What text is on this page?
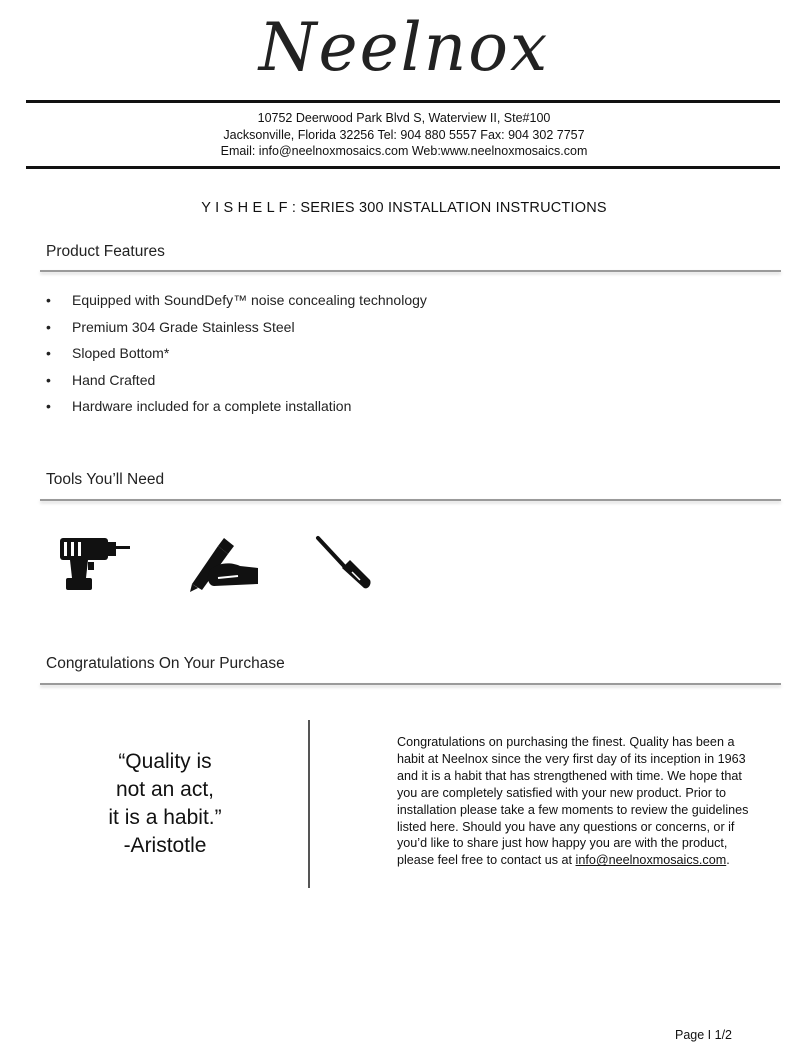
Neelnox
10752 Deerwood Park Blvd S, Waterview II, Ste#100
Jacksonville, Florida 32256 Tel: 904 880 5557 Fax: 904 302 7757
Email: info@neelnoxmosaics.com Web:www.neelnoxmosaics.com
Y I S H E L F : SERIES 300 INSTALLATION INSTRUCTIONS
Product Features
• Equipped with SoundDefy™ noise concealing technology
• Premium 304 Grade Stainless Steel
• Sloped Bottom*
• Hand Crafted
• Hardware included for a complete installation
Tools You’ll Need
Congratulations On Your Purchase
“Quality is
not an act,
it is a habit.”
-Aristotle
Congratulations on purchasing the finest. Quality has been a habit at Neelnox since the very first day of its inception in 1963 and it is a habit that has strengthened with time. We hope that you are completely satisfied with your new product. Prior to installation please take a few moments to review the guidelines listed here. Should you have any questions or concerns, or if you’d like to share just how happy you are with the product, please feel free to contact us at info@neelnoxmosaics.com.
Page I 1/2
